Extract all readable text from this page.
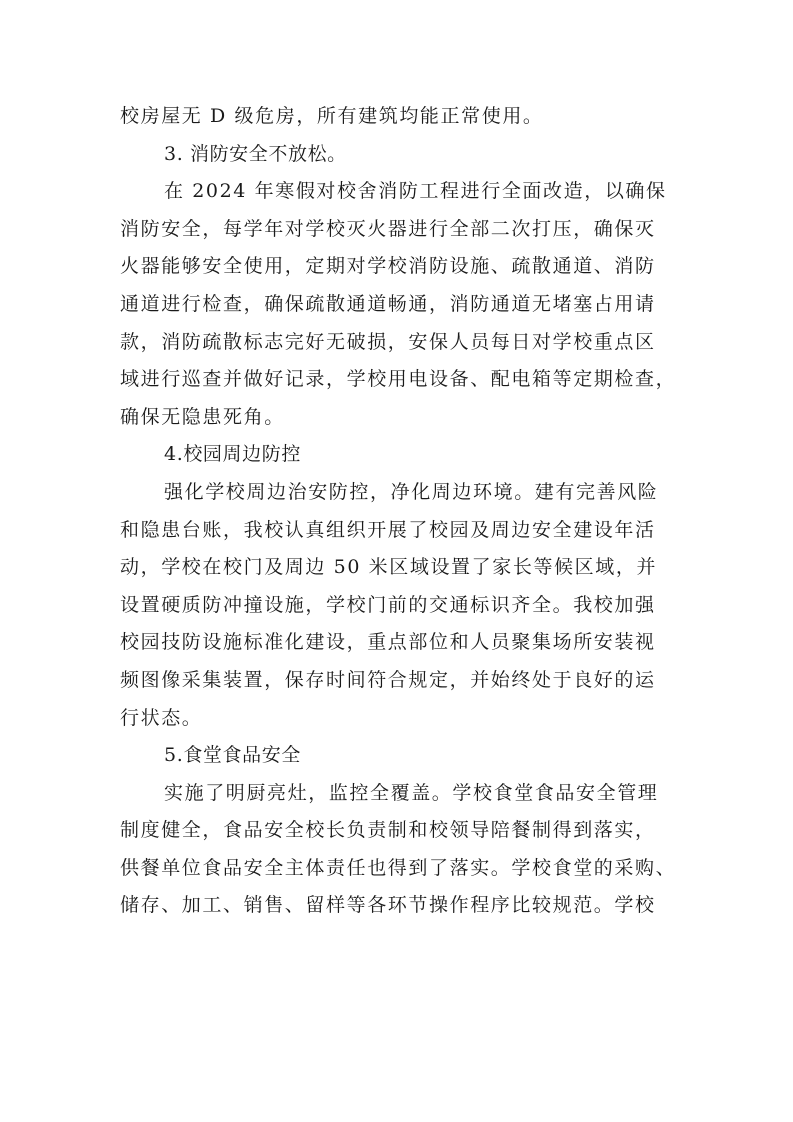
校房屋无 D 级危房，所有建筑均能正常使用。
3. 消防安全不放松。
在 2024 年寒假对校舍消防工程进行全面改造，以确保
消防安全，每学年对学校灭火器进行全部二次打压，确保灭
火器能够安全使用，定期对学校消防设施、疏散通道、消防
通道进行检查，确保疏散通道畅通，消防通道无堵塞占用请
款，消防疏散标志完好无破损，安保人员每日对学校重点区
域进行巡查并做好记录，学校用电设备、配电箱等定期检查，
确保无隐患死角。
4.校园周边防控
强化学校周边治安防控，净化周边环境。建有完善风险
和隐患台账，我校认真组织开展了校园及周边安全建设年活
动，学校在校门及周边 50 米区域设置了家长等候区域，并
设置硬质防冲撞设施，学校门前的交通标识齐全。我校加强
校园技防设施标准化建设，重点部位和人员聚集场所安装视
频图像采集装置，保存时间符合规定，并始终处于良好的运
行状态。
5.食堂食品安全
实施了明厨亮灶，监控全覆盖。学校食堂食品安全管理
制度健全，食品安全校长负责制和校领导陪餐制得到落实，
供餐单位食品安全主体责任也得到了落实。学校食堂的采购、
储存、加工、销售、留样等各环节操作程序比较规范。学校
